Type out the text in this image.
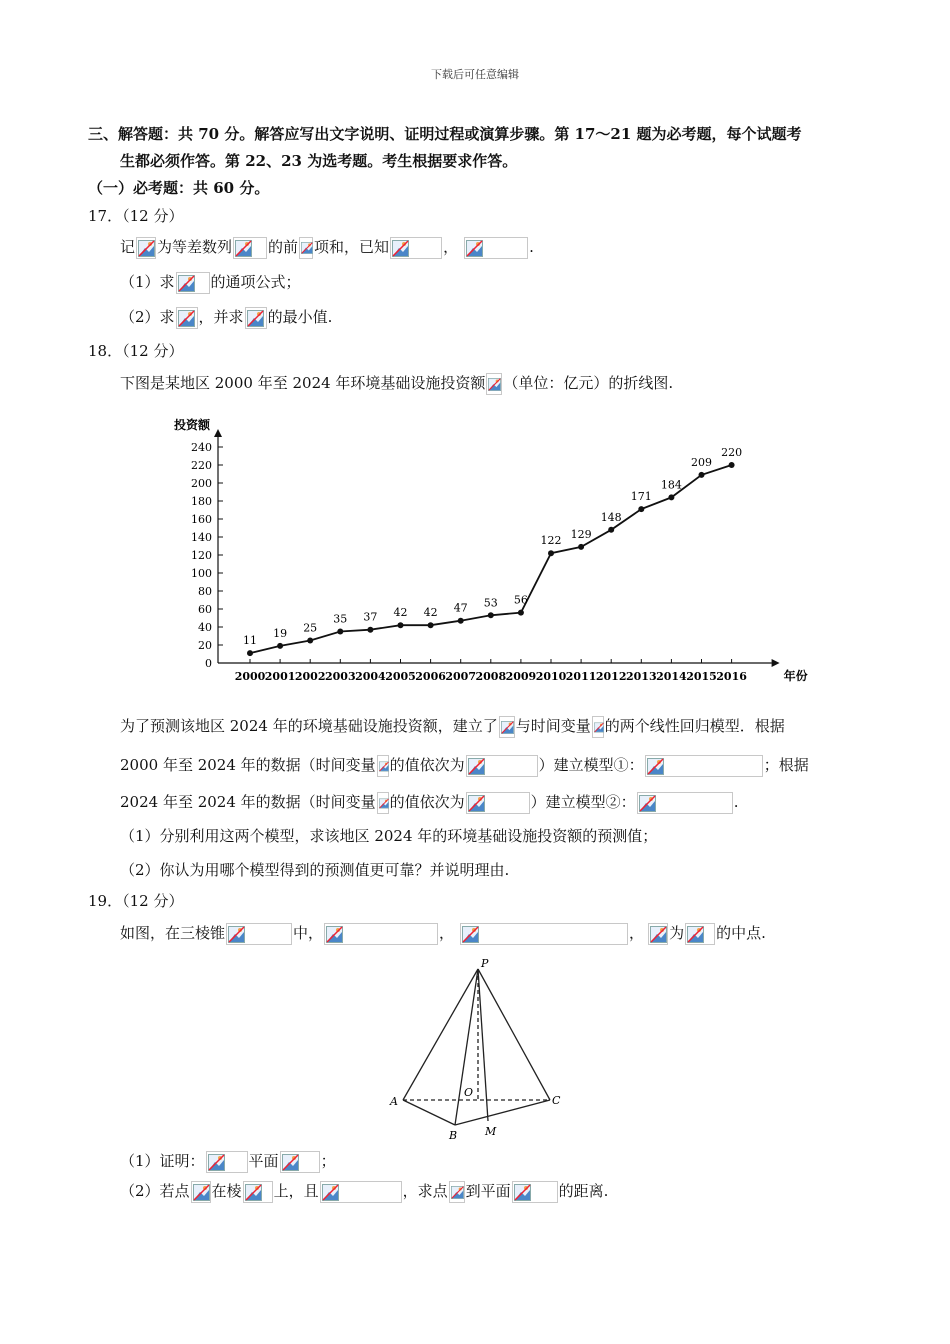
下载后可任意编辑
三、解答题：共 70 分。解答应写出文字说明、证明过程或演算步骤。第 17～21 题为必考题，每个试题考
生都必须作答。第 22、23 为选考题。考生根据要求作答。
（一）必考题：共 60 分。
17．（12 分）
记 为等差数列 的前 项和，已知	，	.
（1）求 的通项公式；
（2）求 ，并求 的最小值.
18．（12 分）
下图是某地区 2000 年至 2024 年环境基础设施投资额 （单位：亿元）的折线图.
投资额
年份
0
20
40
60
80
100
120
140
160
180
200
220
240
2000 2001 2002 2003 2004 2005 2006 2007 2008 2009 2010 2011 2012 2013 2014 2015 2016
11
19 25
35 37 42 42 47 53 56
122 129
148
171
184
209
220
为了预测该地区 2024 年的环境基础设施投资额，建立了 与时间变量 的两个线性回归模型．根据
2000 年至 2024 年的数据（时间变量 的值依次为	）建立模型①：	；根据
2024 年至 2024 年的数据（时间变量 的值依次为	）建立模型②：	.
（1）分别利用这两个模型，求该地区 2024 年的环境基础设施投资额的预测值；
（2）你认为用哪个模型得到的预测值更可靠？并说明理由.
19．（12 分）
如图，在三棱锥	中，	，	， 为 的中点.
P
A
B
C
O
M
（1）证明：	平面	；
（2）若点 在棱 上，且	，求点 到平面	的距离.
